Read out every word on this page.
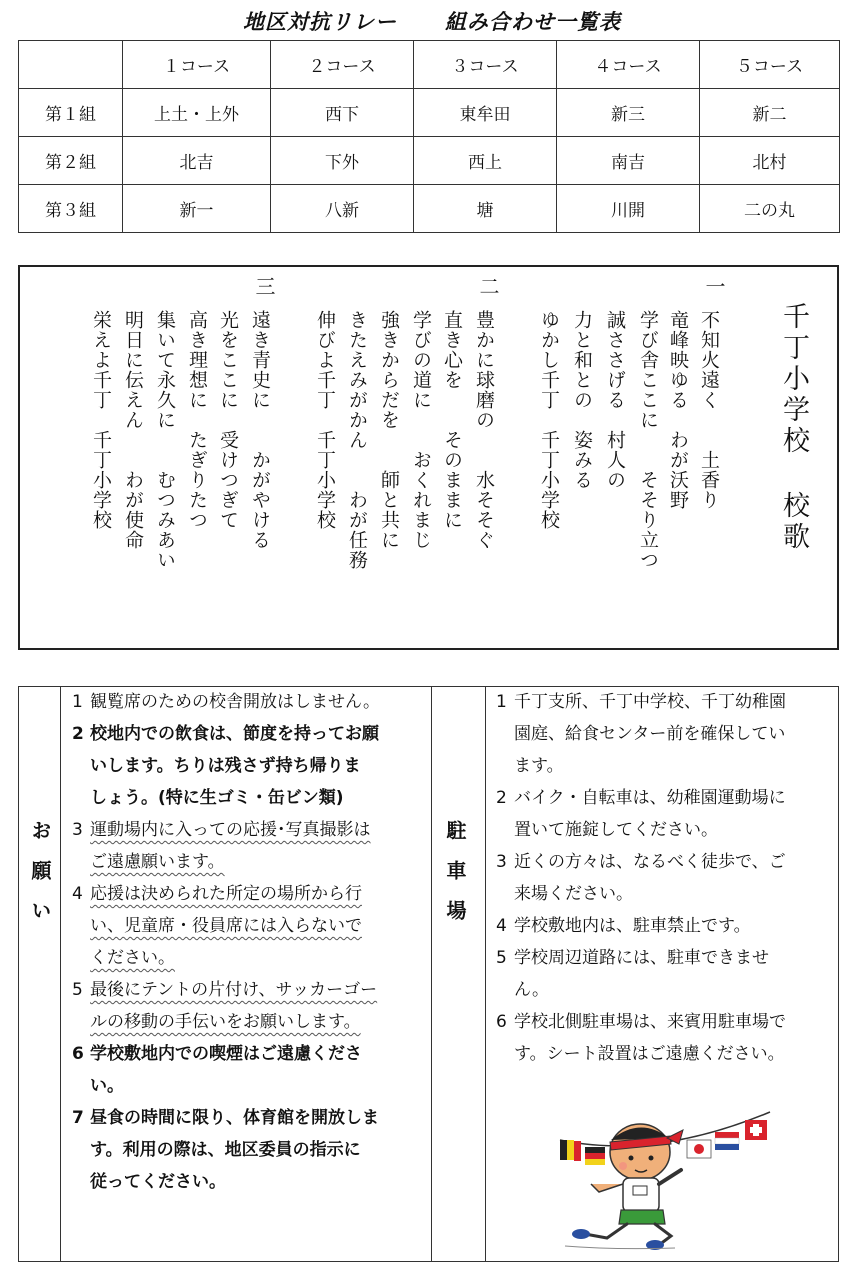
地区対抗リレー 組み合わせ一覧表
	１コース	２コース	３コース	４コース	５コース
第１組	上土・上外	西下	東牟田	新三	新二
第２組	北吉	下外	西上	南吉	北村
第３組	新一	八新	塘	川開	二の丸
千丁小学校校歌
一
不知火遠く　　土香り
竜峰映ゆる　わが沃野
学び舎ここに　　そそり立つ
誠ささげる　村人の
力と和との　姿みる
ゆかし千丁　千丁小学校
二
豊かに球磨の　　水そそぐ
直き心を　　そのままに
学びの道に　　おくれまじ
強きからだを　　師と共に
きたえみがかん　　わが任務
伸びよ千丁　千丁小学校
三
遠き青史に　　かがやける
光をここに　受けつぎて
高き理想に　たぎりたつ
集いて永久に　　むつみあい
明日に伝えん　　わが使命
栄えよ千丁　千丁小学校
お願い	駐車場
1 観覧席のための校舎開放はしません。
2 校地内での飲食は、節度を持ってお願
いします。ちりは残さず持ち帰りま
しょう。(特に生ゴミ・缶ビン類)
3 運動場内に入っての応援･写真撮影は
ご遠慮願います。
4 応援は決められた所定の場所から行
い、児童席・役員席には入らないで
ください。
5 最後にテントの片付け、サッカーゴー
ルの移動の手伝いをお願いします。
6 学校敷地内での喫煙はご遠慮くださ
い。
7 昼食の時間に限り、体育館を開放しま
す。利用の際は、地区委員の指示に
従ってください。
1 千丁支所、千丁中学校、千丁幼稚園
園庭、給食センター前を確保してい
ます。
2 バイク・自転車は、幼稚園運動場に
置いて施錠してください。
3 近くの方々は、なるべく徒歩で、ご
来場ください。
4 学校敷地内は、駐車禁止です。
5 学校周辺道路には、駐車できませ
ん。
6 学校北側駐車場は、来賓用駐車場で
す。シート設置はご遠慮ください。
